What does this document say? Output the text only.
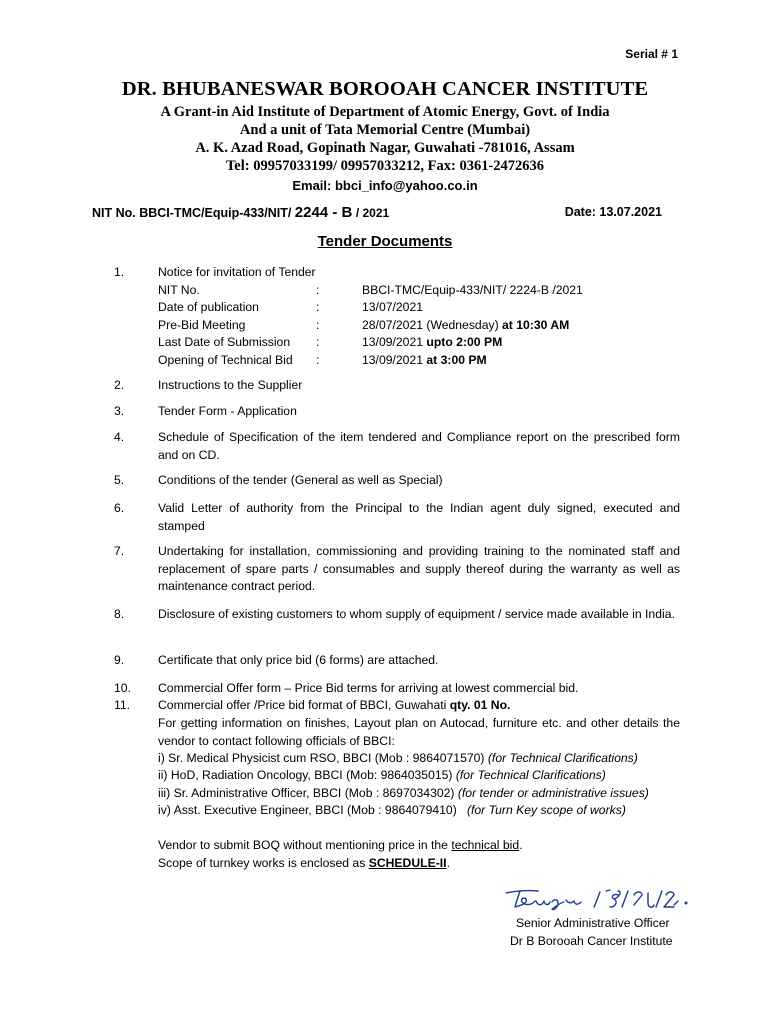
Serial # 1
DR. BHUBANESWAR BOROOAH CANCER INSTITUTE
A Grant-in Aid Institute of Department of Atomic Energy, Govt. of India
And a unit of Tata Memorial Centre (Mumbai)
A. K. Azad Road, Gopinath Nagar, Guwahati -781016, Assam
Tel: 09957033199/ 09957033212, Fax: 0361-2472636
Email: bbci_info@yahoo.co.in
NIT No. BBCI-TMC/Equip-433/NIT/ 2244 - B / 2021	Date: 13.07.2021
Tender Documents
1.	Notice for invitation of Tender
NIT No.	:	BBCI-TMC/Equip-433/NIT/ 2224-B /2021
Date of publication	:	13/07/2021
Pre-Bid Meeting	:	28/07/2021 (Wednesday) at 10:30 AM
Last Date of Submission :	13/09/2021 upto 2:00 PM
Opening of Technical Bid :	13/09/2021 at 3:00 PM
2.	Instructions to the Supplier
3.	Tender Form - Application
4.	Schedule of Specification of the item tendered and Compliance report on the prescribed form and on CD.
5.	Conditions of the tender (General as well as Special)
6.	Valid Letter of authority from the Principal to the Indian agent duly signed, executed and stamped
7.	Undertaking for installation, commissioning and providing training to the nominated staff and replacement of spare parts / consumables and supply thereof during the warranty as well as maintenance contract period.
8.	Disclosure of existing customers to whom supply of equipment / service made available in India.
9.	Certificate that only price bid (6 forms) are attached.
10. Commercial Offer form – Price Bid terms for arriving at lowest commercial bid.
11. Commercial offer /Price bid format of BBCI, Guwahati qty. 01 No.
For getting information on finishes, Layout plan on Autocad, furniture etc. and other details the vendor to contact following officials of BBCI:
i) Sr. Medical Physicist cum RSO, BBCI (Mob : 9864071570) (for Technical Clarifications)
ii) HoD, Radiation Oncology, BBCI (Mob: 9864035015) (for Technical Clarifications)
iii) Sr. Administrative Officer, BBCI (Mob : 8697034302) (for tender or administrative issues)
iv) Asst. Executive Engineer, BBCI (Mob : 9864079410) (for Turn Key scope of works)
Vendor to submit BOQ without mentioning price in the technical bid.
Scope of turnkey works is enclosed as SCHEDULE-II.
Senior Administrative Officer
Dr B Borooah Cancer Institute
